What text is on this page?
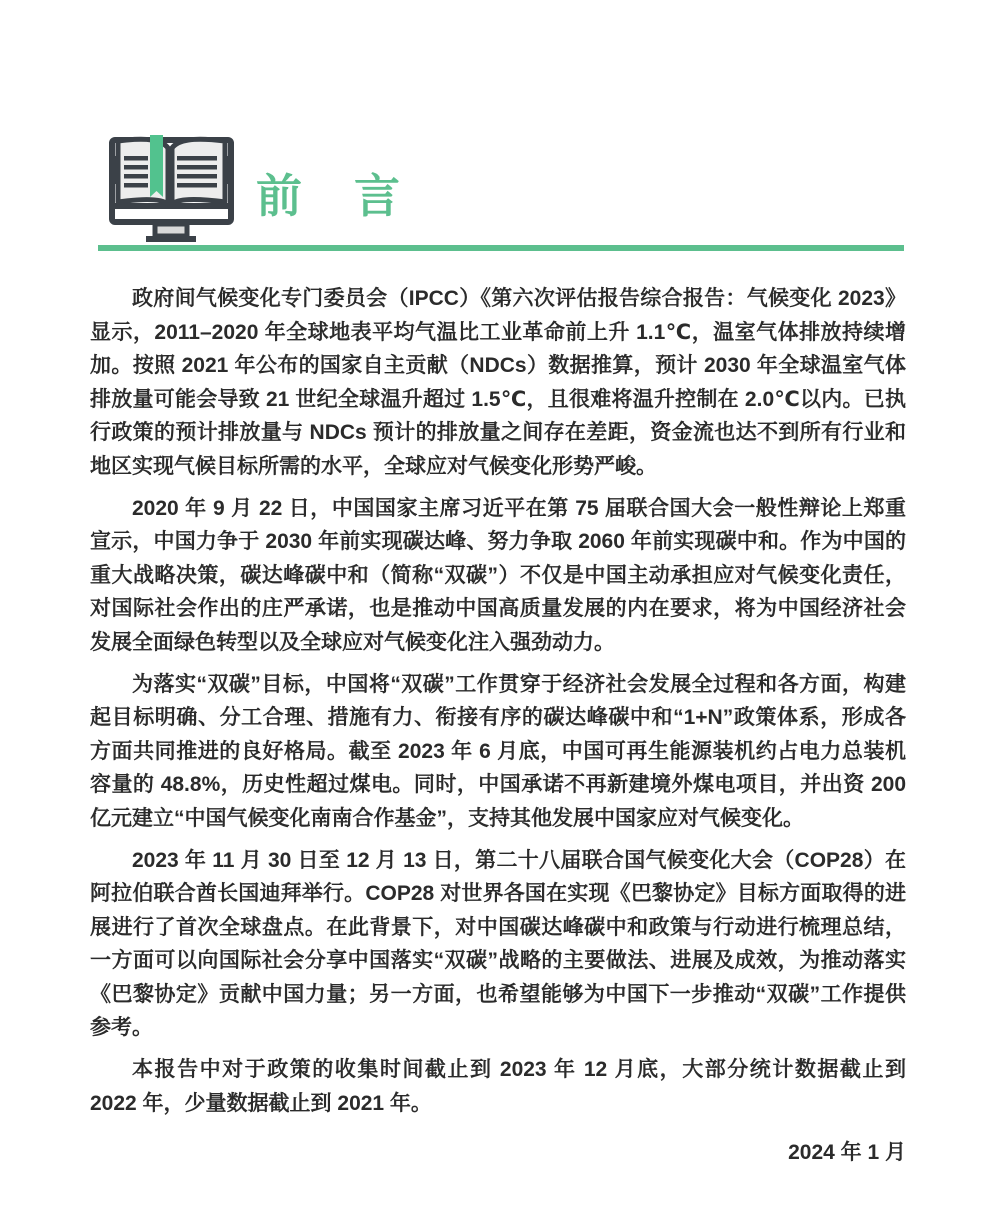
前　言

政府间气候变化专门委员会（IPCC）《第六次评估报告综合报告：气候变化 2023》显示，2011–2020 年全球地表平均气温比工业革命前上升 1.1℃，温室气体排放持续增加。按照 2021 年公布的国家自主贡献（NDCs）数据推算，预计 2030 年全球温室气体排放量可能会导致 21 世纪全球温升超过 1.5℃，且很难将温升控制在 2.0℃以内。已执行政策的预计排放量与 NDCs 预计的排放量之间存在差距，资金流也达不到所有行业和地区实现气候目标所需的水平，全球应对气候变化形势严峻。

2020 年 9 月 22 日，中国国家主席习近平在第 75 届联合国大会一般性辩论上郑重宣示，中国力争于 2030 年前实现碳达峰、努力争取 2060 年前实现碳中和。作为中国的重大战略决策，碳达峰碳中和（简称“双碳”）不仅是中国主动承担应对气候变化责任，对国际社会作出的庄严承诺，也是推动中国高质量发展的内在要求，将为中国经济社会发展全面绿色转型以及全球应对气候变化注入强劲动力。

为落实“双碳”目标，中国将“双碳”工作贯穿于经济社会发展全过程和各方面，构建起目标明确、分工合理、措施有力、衔接有序的碳达峰碳中和“1+N”政策体系，形成各方面共同推进的良好格局。截至 2023 年 6 月底，中国可再生能源装机约占电力总装机容量的 48.8%，历史性超过煤电。同时，中国承诺不再新建境外煤电项目，并出资 200 亿元建立“中国气候变化南南合作基金”，支持其他发展中国家应对气候变化。

2023 年 11 月 30 日至 12 月 13 日，第二十八届联合国气候变化大会（COP28）在阿拉伯联合酋长国迪拜举行。COP28 对世界各国在实现《巴黎协定》目标方面取得的进展进行了首次全球盘点。在此背景下，对中国碳达峰碳中和政策与行动进行梳理总结，一方面可以向国际社会分享中国落实“双碳”战略的主要做法、进展及成效，为推动落实《巴黎协定》贡献中国力量；另一方面，也希望能够为中国下一步推动“双碳”工作提供参考。

本报告中对于政策的收集时间截止到 2023 年 12 月底，大部分统计数据截止到 2022 年，少量数据截止到 2021 年。

2024 年 1 月
